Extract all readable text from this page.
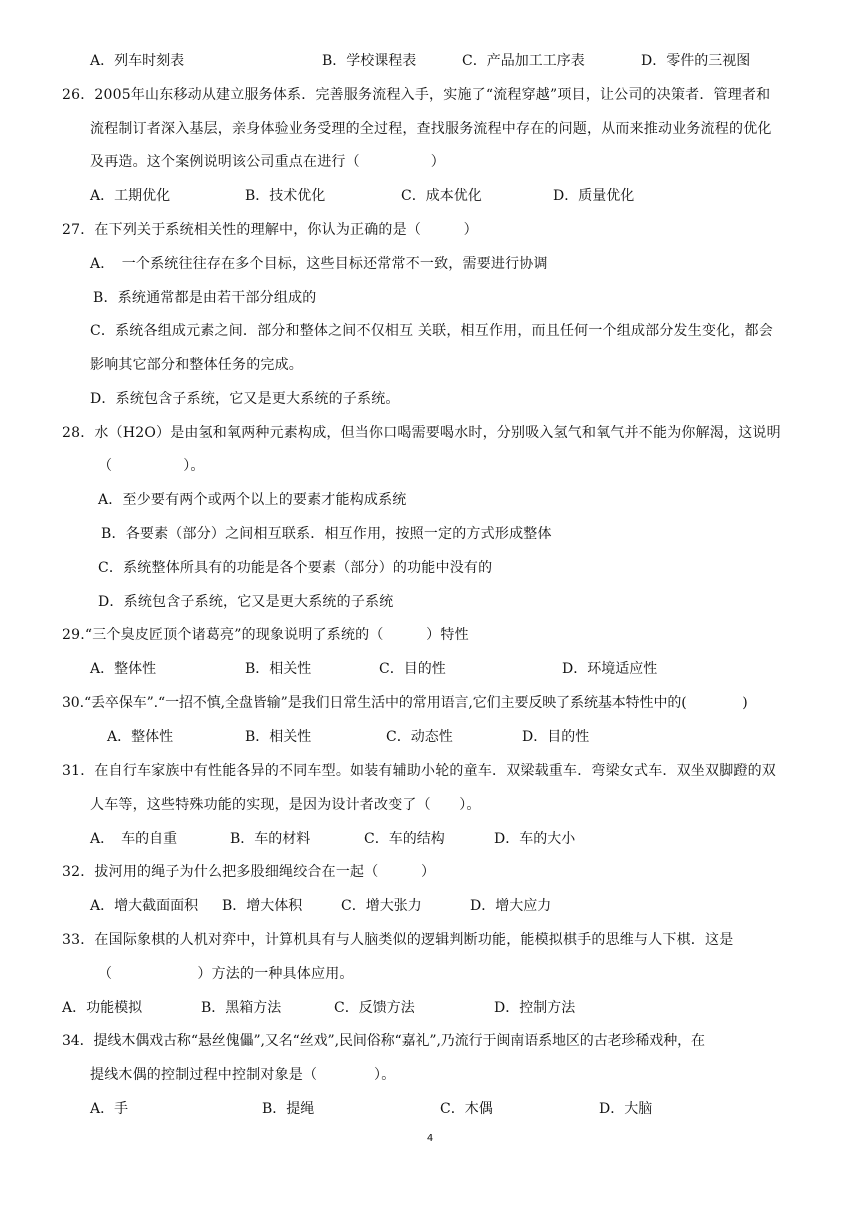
A．列车时刻表	B．学校课程表	C．产品加工工序表	D．零件的三视图
26．2005年山东移动从建立服务体系．完善服务流程入手，实施了“流程穿越”项目，让公司的决策者．管理者和
流程制订者深入基层，亲身体验业务受理的全过程，查找服务流程中存在的问题，从而来推动业务流程的优化
及再造。这个案例说明该公司重点在进行（　　　　　）
A．工期优化	B．技术优化	C．成本优化	D．质量优化
27．在下列关于系统相关性的理解中，你认为正确的是（　　　）
A．　一个系统往往存在多个目标，这些目标还常常不一致，需要进行协调
B．系统通常都是由若干部分组成的
C．系统各组成元素之间．部分和整体之间不仅相互 关联，相互作用，而且任何一个组成部分发生变化，都会
影响其它部分和整体任务的完成。
D．系统包含子系统，它又是更大系统的子系统。
28．水（H2O）是由氢和氧两种元素构成，但当你口喝需要喝水时，分别吸入氢气和氧气并不能为你解渴，这说明
（　　　　　）。
A．至少要有两个或两个以上的要素才能构成系统
B．各要素（部分）之间相互联系．相互作用，按照一定的方式形成整体
C．系统整体所具有的功能是各个要素（部分）的功能中没有的
D．系统包含子系统，它又是更大系统的子系统
29.“三个臭皮匠顶个诸葛亮”的现象说明了系统的（　　　）特性
A．整体性	B．相关性	C．目的性	D．环境适应性
30.“丢卒保车”.“一招不慎,全盘皆输”是我们日常生活中的常用语言,它们主要反映了系统基本特性中的(　　　　)
A．整体性	B．相关性	C．动态性	D．目的性
31．在自行车家族中有性能各异的不同车型。如装有辅助小轮的童车．双梁载重车．弯梁女式车．双坐双脚蹬的双
人车等，这些特殊功能的实现，是因为设计者改变了（　　）。
A．　车的自重	B．车的材料	C．车的结构	D．车的大小
32．拔河用的绳子为什么把多股细绳绞合在一起（　　　）
A．增大截面面积 B．增大体积	C．增大张力	D．增大应力
33．在国际象棋的人机对弈中，计算机具有与人脑类似的逻辑判断功能，能模拟棋手的思维与人下棋．这是
（　　　　　　）方法的一种具体应用。
A．功能模拟	B．黑箱方法	C．反馈方法	D．控制方法
34．提线木偶戏古称“悬丝傀儡”,又名“丝戏”,民间俗称“嘉礼”,乃流行于闽南语系地区的古老珍稀戏种，在
提线木偶的控制过程中控制对象是（　　　　）。
A．手	B．提绳	C．木偶	D．大脑
4
